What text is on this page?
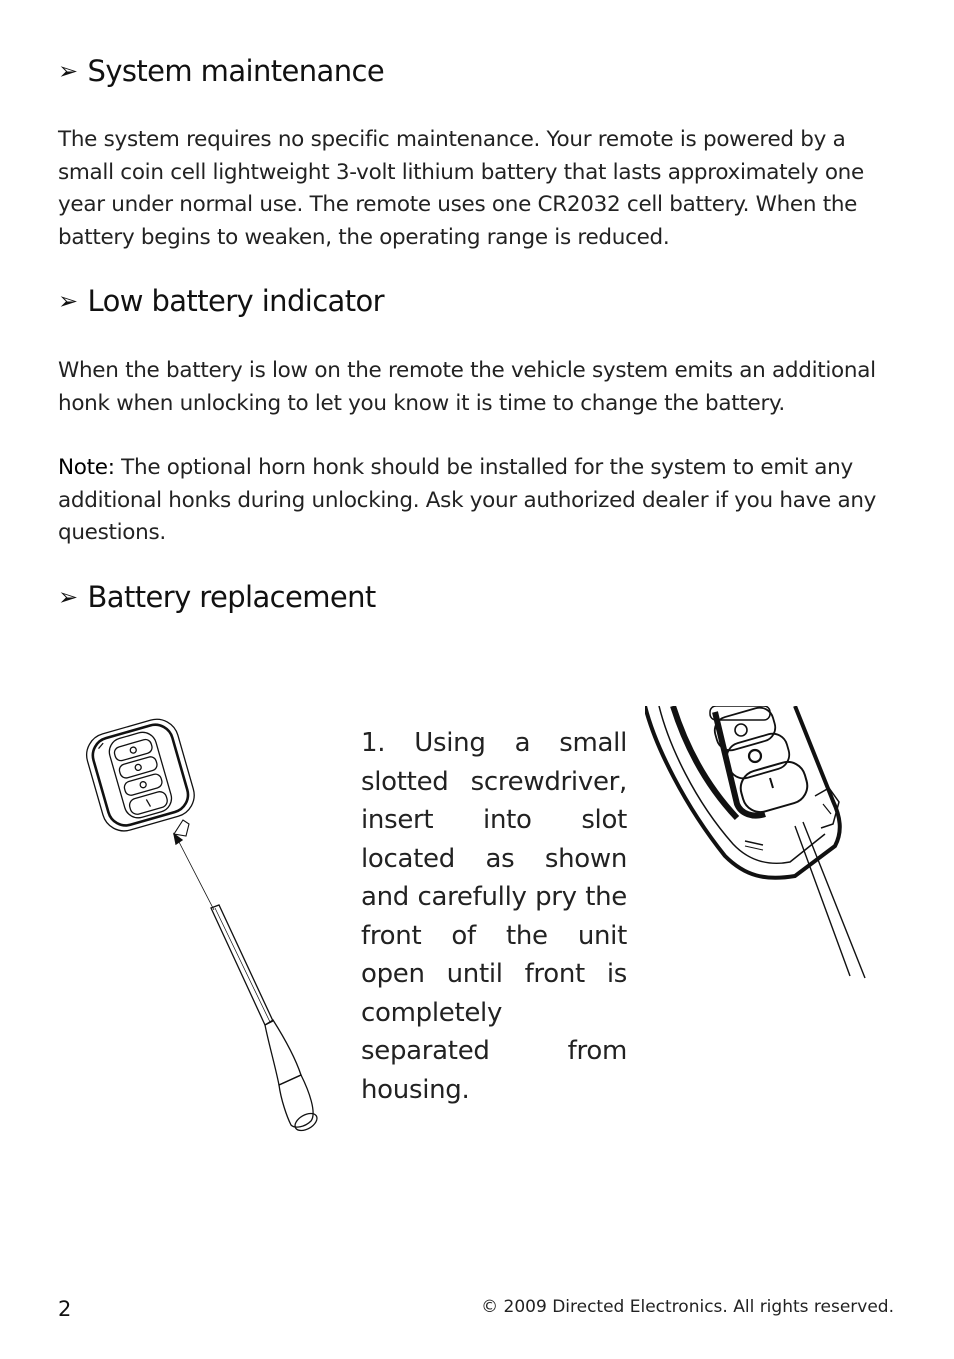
➢ System maintenance

The system requires no specific maintenance. Your remote is powered by a small coin cell lightweight 3-volt lithium battery that lasts approximately one year under normal use. The remote uses one CR2032 cell battery. When the battery begins to weaken, the operating range is reduced.

➢ Low battery indicator

When the battery is low on the remote the vehicle system emits an additional honk when unlocking to let you know it is time to change the battery.

Note: The optional horn honk should be installed for the system to emit any additional honks during unlocking. Ask your authorized dealer if you have any questions.

➢ Battery replacement

1. Using a small slotted screwdriver, insert into slot located as shown and carefully pry the front of the unit open until front is completely separated from housing.

2	© 2009 Directed Electronics. All rights reserved.
